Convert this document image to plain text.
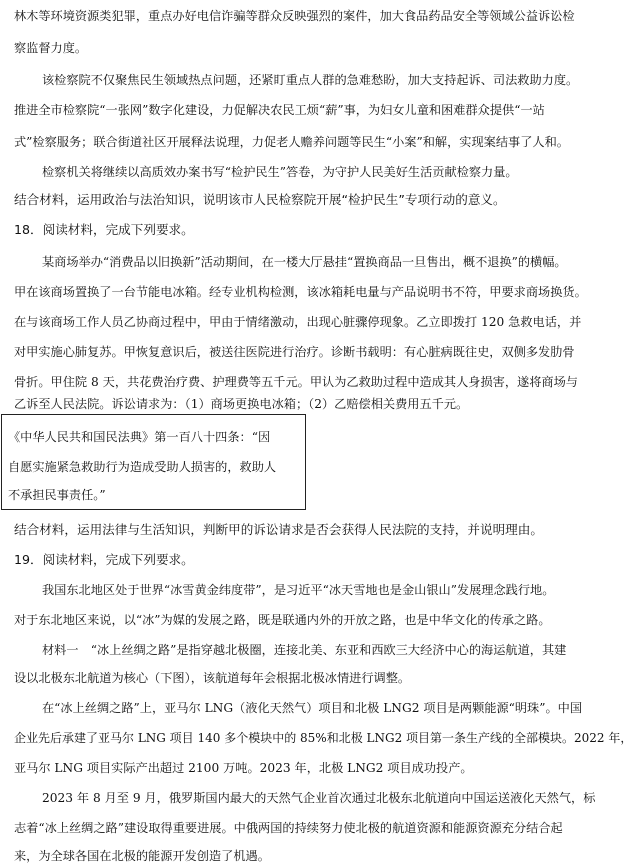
林木等环境资源类犯罪，重点办好电信诈骗等群众反映强烈的案件，加大食品药品安全等领域公益诉讼检
察监督力度。
该检察院不仅聚焦民生领域热点问题，还紧盯重点人群的急难愁盼，加大支持起诉、司法救助力度。
推进全市检察院“一张网”数字化建设，力促解决农民工烦“薪”事，为妇女儿童和困难群众提供“一站
式”检察服务；联合街道社区开展释法说理，力促老人赡养问题等民生“小案”和解，实现案结事了人和。
检察机关将继续以高质效办案书写“检护民生”答卷，为守护人民美好生活贡献检察力量。
结合材料，运用政治与法治知识，说明该市人民检察院开展“检护民生”专项行动的意义。
18．阅读材料，完成下列要求。
某商场举办“消费品以旧换新”活动期间，在一楼大厅悬挂“置换商品一旦售出，概不退换”的横幅。
甲在该商场置换了一台节能电冰箱。经专业机构检测，该冰箱耗电量与产品说明书不符，甲要求商场换货。
在与该商场工作人员乙协商过程中，甲由于情绪激动，出现心脏骤停现象。乙立即拨打 120 急救电话，并
对甲实施心肺复苏。甲恢复意识后，被送往医院进行治疗。诊断书载明：有心脏病既往史，双侧多发肋骨
骨折。甲住院 8 天，共花费治疗费、护理费等五千元。甲认为乙救助过程中造成其人身损害，遂将商场与
乙诉至人民法院。诉讼请求为：（1）商场更换电冰箱；（2）乙赔偿相关费用五千元。
《中华人民共和国民法典》第一百八十四条：“因
自愿实施紧急救助行为造成受助人损害的，救助人
不承担民事责任。”
结合材料，运用法律与生活知识，判断甲的诉讼请求是否会获得人民法院的支持，并说明理由。
19．阅读材料，完成下列要求。
我国东北地区处于世界“冰雪黄金纬度带”，是习近平“冰天雪地也是金山银山”发展理念践行地。
对于东北地区来说，以“冰”为媒的发展之路，既是联通内外的开放之路，也是中华文化的传承之路。
材料一　“冰上丝绸之路”是指穿越北极圈，连接北美、东亚和西欧三大经济中心的海运航道，其建
设以北极东北航道为核心（下图），该航道每年会根据北极冰情进行调整。
在“冰上丝绸之路”上，亚马尔 LNG（液化天然气）项目和北极 LNG2 项目是两颗能源“明珠”。中国
企业先后承建了亚马尔 LNG 项目 140 多个模块中的 85%和北极 LNG2 项目第一条生产线的全部模块。2022 年，
亚马尔 LNG 项目实际产出超过 2100 万吨。2023 年，北极 LNG2 项目成功投产。
2023 年 8 月至 9 月，俄罗斯国内最大的天然气企业首次通过北极东北航道向中国运送液化天然气，标
志着“冰上丝绸之路”建设取得重要进展。中俄两国的持续努力使北极的航道资源和能源资源充分结合起
来，为全球各国在北极的能源开发创造了机遇。
